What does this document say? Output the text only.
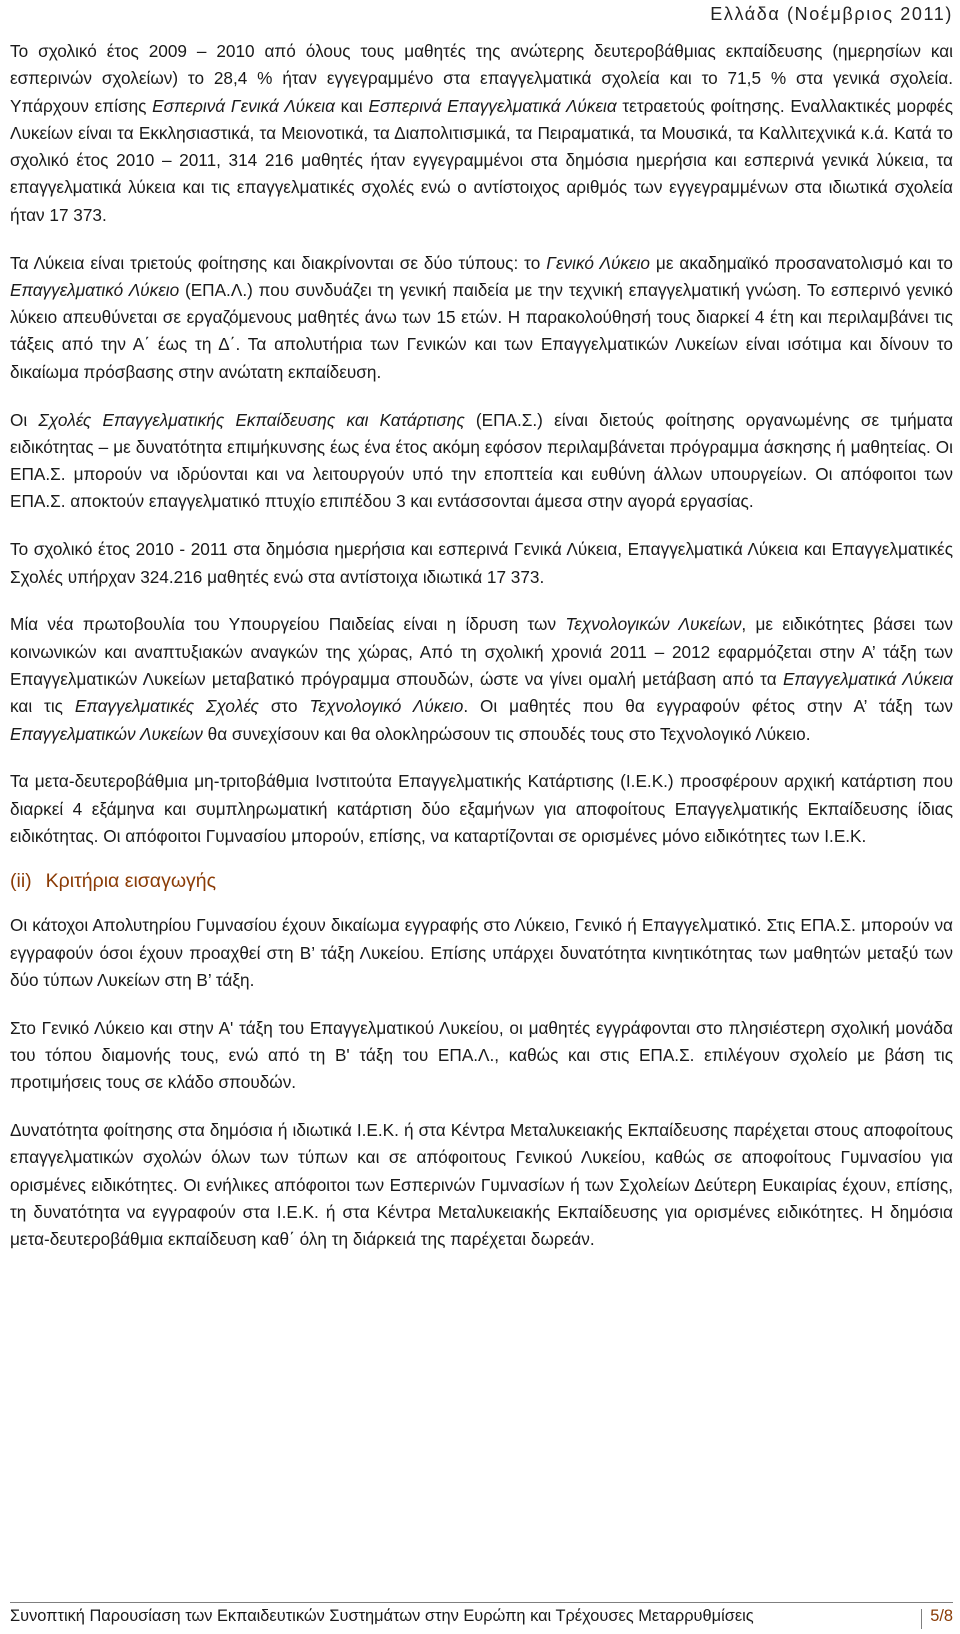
Ελλάδα (Νοέμβριος 2011)

Το σχολικό έτος 2009 – 2010 από όλους τους μαθητές της ανώτερης δευτεροβάθμιας εκπαίδευσης (ημερησίων και εσπερινών σχολείων) το 28,4 % ήταν εγγεγραμμένο στα επαγγελματικά σχολεία και το 71,5 % στα γενικά σχολεία. Υπάρχουν επίσης Εσπερινά Γενικά Λύκεια και Εσπερινά Επαγγελματικά Λύκεια τετραετούς φοίτησης. Εναλλακτικές μορφές Λυκείων είναι τα Εκκλησιαστικά, τα Μειονοτικά, τα Διαπολιτισμικά, τα Πειραματικά, τα Μουσικά, τα Καλλιτεχνικά κ.ά. Κατά το σχολικό έτος 2010 – 2011, 314 216 μαθητές ήταν εγγεγραμμένοι στα δημόσια ημερήσια και εσπερινά γενικά λύκεια, τα επαγγελματικά λύκεια και τις επαγγελματικές σχολές ενώ ο αντίστοιχος αριθμός των εγγεγραμμένων στα ιδιωτικά σχολεία ήταν 17 373.

Τα Λύκεια είναι τριετούς φοίτησης και διακρίνονται σε δύο τύπους: το Γενικό Λύκειο με ακαδημαϊκό προσανατολισμό και το Επαγγελματικό Λύκειο (ΕΠΑ.Λ.) που συνδυάζει τη γενική παιδεία με την τεχνική επαγγελματική γνώση. Το εσπερινό γενικό λύκειο απευθύνεται σε εργαζόμενους μαθητές άνω των 15 ετών. Η παρακολούθησή τους διαρκεί 4 έτη και περιλαμβάνει τις τάξεις από την Α΄ έως τη Δ΄. Τα απολυτήρια των Γενικών και των Επαγγελματικών Λυκείων είναι ισότιμα και δίνουν το δικαίωμα πρόσβασης στην ανώτατη εκπαίδευση.

Οι Σχολές Επαγγελματικής Εκπαίδευσης και Κατάρτισης (ΕΠΑ.Σ.) είναι διετούς φοίτησης οργανωμένης σε τμήματα ειδικότητας – με δυνατότητα επιμήκυνσης έως ένα έτος ακόμη εφόσον περιλαμβάνεται πρόγραμμα άσκησης ή μαθητείας. Οι ΕΠΑ.Σ. μπορούν να ιδρύονται και να λειτουργούν υπό την εποπτεία και ευθύνη άλλων υπουργείων. Οι απόφοιτοι των ΕΠΑ.Σ. αποκτούν επαγγελματικό πτυχίο επιπέδου 3 και εντάσσονται άμεσα στην αγορά εργασίας.

Το σχολικό έτος 2010 - 2011 στα δημόσια ημερήσια και εσπερινά Γενικά Λύκεια, Επαγγελματικά Λύκεια και Επαγγελματικές Σχολές υπήρχαν 324.216 μαθητές ενώ στα αντίστοιχα ιδιωτικά 17 373.

Μία νέα πρωτοβουλία του Υπουργείου Παιδείας είναι η ίδρυση των Τεχνολογικών Λυκείων, με ειδικότητες βάσει των κοινωνικών και αναπτυξιακών αναγκών της χώρας, Από τη σχολική χρονιά 2011 – 2012 εφαρμόζεται στην Α’ τάξη των Επαγγελματικών Λυκείων μεταβατικό πρόγραμμα σπουδών, ώστε να γίνει ομαλή μετάβαση από τα Επαγγελματικά Λύκεια και τις Επαγγελματικές Σχολές στο Τεχνολογικό Λύκειο. Οι μαθητές που θα εγγραφούν φέτος στην Α’ τάξη των Επαγγελματικών Λυκείων θα συνεχίσουν και θα ολοκληρώσουν τις σπουδές τους στο Τεχνολογικό Λύκειο.

Τα μετα-δευτεροβάθμια μη-τριτοβάθμια Ινστιτούτα Επαγγελματικής Κατάρτισης (Ι.Ε.Κ.) προσφέρουν αρχική κατάρτιση που διαρκεί 4 εξάμηνα και συμπληρωματική κατάρτιση δύο εξαμήνων για αποφοίτους Επαγγελματικής Εκπαίδευσης ίδιας ειδικότητας. Οι απόφοιτοι Γυμνασίου μπορούν, επίσης, να καταρτίζονται σε ορισμένες μόνο ειδικότητες των Ι.Ε.Κ.

(ii) Κριτήρια εισαγωγής

Οι κάτοχοι Απολυτηρίου Γυμνασίου έχουν δικαίωμα εγγραφής στο Λύκειο, Γενικό ή Επαγγελματικό. Στις ΕΠΑ.Σ. μπορούν να εγγραφούν όσοι έχουν προαχθεί στη Β’ τάξη Λυκείου. Επίσης υπάρχει δυνατότητα κινητικότητας των μαθητών μεταξύ των δύο τύπων Λυκείων στη Β’ τάξη.

Στο Γενικό Λύκειο και στην Α' τάξη του Επαγγελματικού Λυκείου, οι μαθητές εγγράφονται στο πλησιέστερη σχολική μονάδα του τόπου διαμονής τους, ενώ από τη Β' τάξη του ΕΠΑ.Λ., καθώς και στις ΕΠΑ.Σ. επιλέγουν σχολείο με βάση τις προτιμήσεις τους σε κλάδο σπουδών.

Δυνατότητα φοίτησης στα δημόσια ή ιδιωτικά Ι.Ε.Κ. ή στα Κέντρα Μεταλυκειακής Εκπαίδευσης παρέχεται στους αποφοίτους επαγγελματικών σχολών όλων των τύπων και σε απόφοιτους Γενικού Λυκείου, καθώς σε αποφοίτους Γυμνασίου για ορισμένες ειδικότητες. Οι ενήλικες απόφοιτοι των Εσπερινών Γυμνασίων ή των Σχολείων Δεύτερη Ευκαιρίας έχουν, επίσης, τη δυνατότητα να εγγραφούν στα Ι.Ε.Κ. ή στα Κέντρα Μεταλυκειακής Εκπαίδευσης για ορισμένες ειδικότητες. Η δημόσια μετα-δευτεροβάθμια εκπαίδευση καθ΄ όλη τη διάρκειά της παρέχεται δωρεάν.

Συνοπτική Παρουσίαση των Εκπαιδευτικών Συστημάτων στην Ευρώπη και Τρέχουσες Μεταρρυθμίσεις	5/8
